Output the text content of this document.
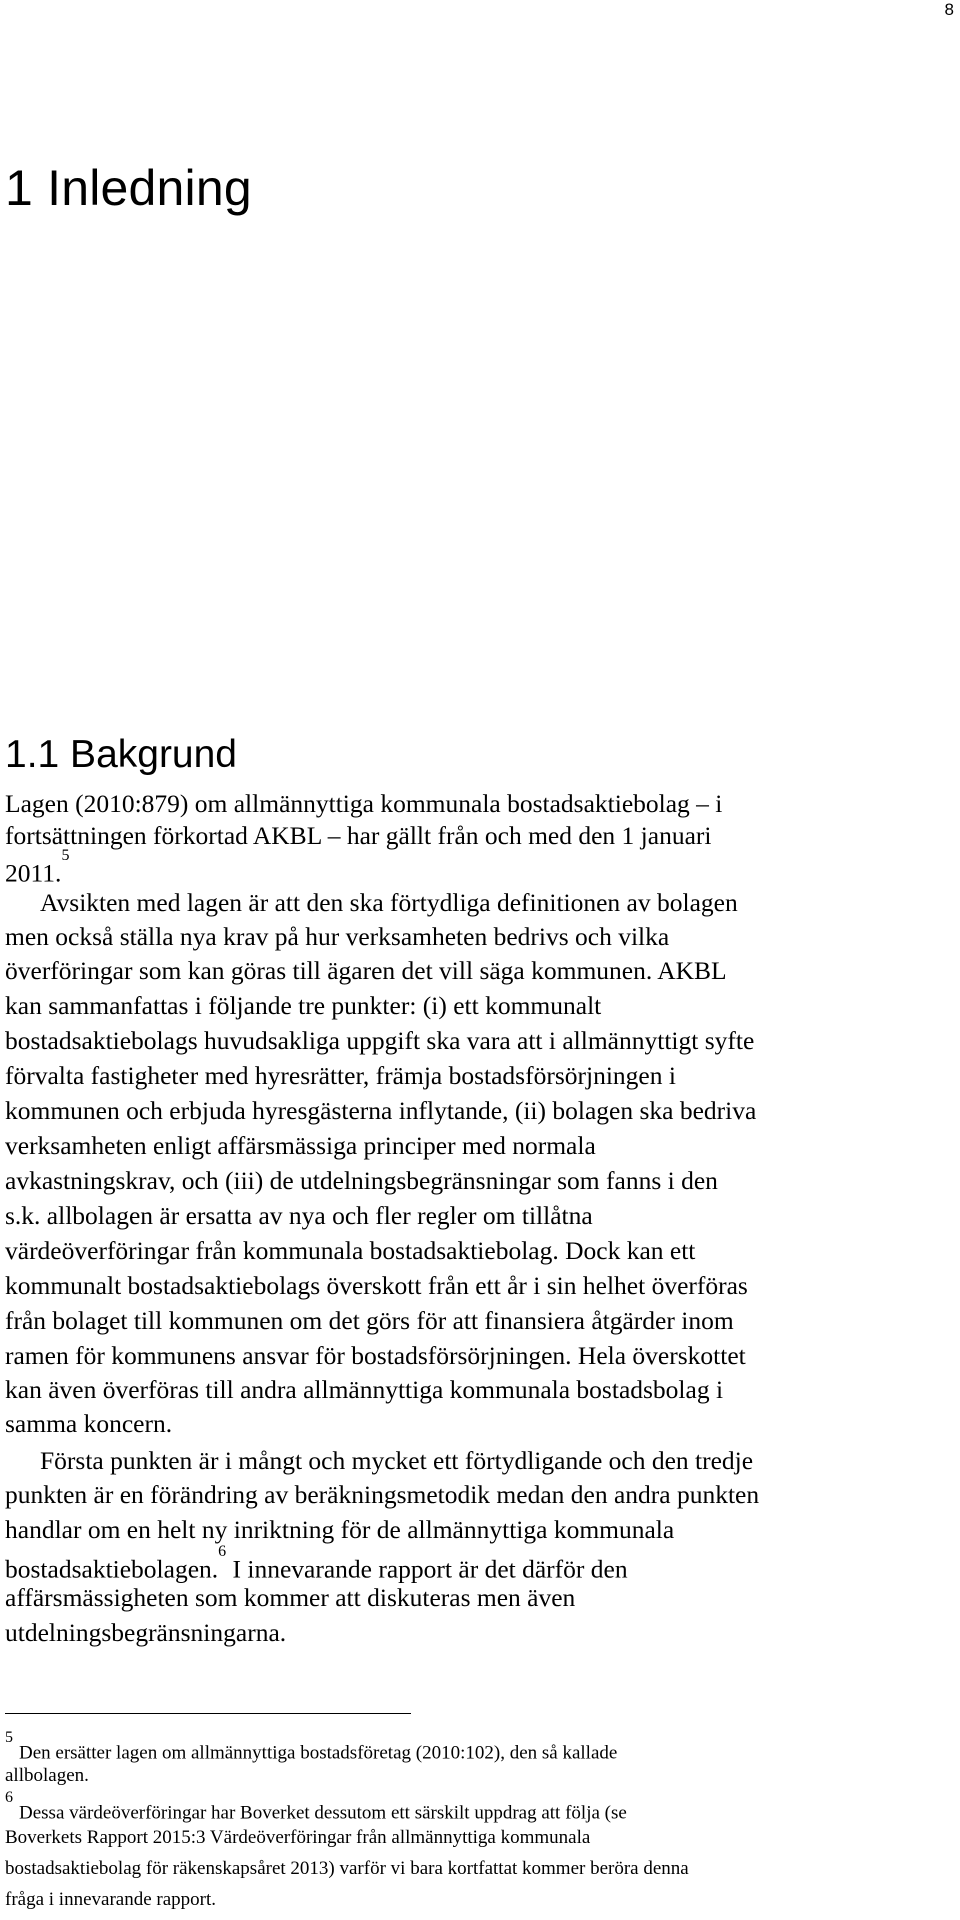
8
1 Inledning
1.1 Bakgrund
Lagen (2010:879) om allmännyttiga kommunala bostadsaktiebolag – i
fortsättningen förkortad AKBL – har gällt från och med den 1 januari
2011.$^5$
Avsikten med lagen är att den ska förtydliga definitionen av bolagen
men också ställa nya krav på hur verksamheten bedrivs och vilka
överföringar som kan göras till ägaren det vill säga kommunen. AKBL
kan sammanfattas i följande tre punkter: (i) ett kommunalt
bostadsaktiebolags huvudsakliga uppgift ska vara att i allmännyttigt syfte
förvalta fastigheter med hyresrätter, främja bostadsförsörjningen i
kommunen och erbjuda hyresgästerna inflytande, (ii) bolagen ska bedriva
verksamheten enligt affärsmässiga principer med normala
avkastningskrav, och (iii) de utdelningsbegränsningar som fanns i den
s.k. allbolagen är ersatta av nya och fler regler om tillåtna
värdeöverföringar från kommunala bostadsaktiebolag. Dock kan ett
kommunalt bostadsaktiebolags överskott från ett år i sin helhet överföras
från bolaget till kommunen om det görs för att finansiera åtgärder inom
ramen för kommunens ansvar för bostadsförsörjningen. Hela överskottet
kan även överföras till andra allmännyttiga kommunala bostadsbolag i
samma koncern.
Första punkten är i mångt och mycket ett förtydligande och den tredje
punkten är en förändring av beräkningsmetodik medan den andra punkten
handlar om en helt ny inriktning för de allmännyttiga kommunala
bostadsaktiebolagen.$^6$ I innevarande rapport är det därför den
affärsmässigheten som kommer att diskuteras men även
utdelningsbegränsningarna.
$^5$Den ersätter lagen om allmännyttiga bostadsföretag (2010:102), den så kallade
allbolagen.
$^6$Dessa värdeöverföringar har Boverket dessutom ett särskilt uppdrag att följa (se
Boverkets Rapport 2015:3 Värdeöverföringar från allmännyttiga kommunala
bostadsaktiebolag för räkenskapsåret 2013) varför vi bara kortfattat kommer beröra denna
fråga i innevarande rapport.
